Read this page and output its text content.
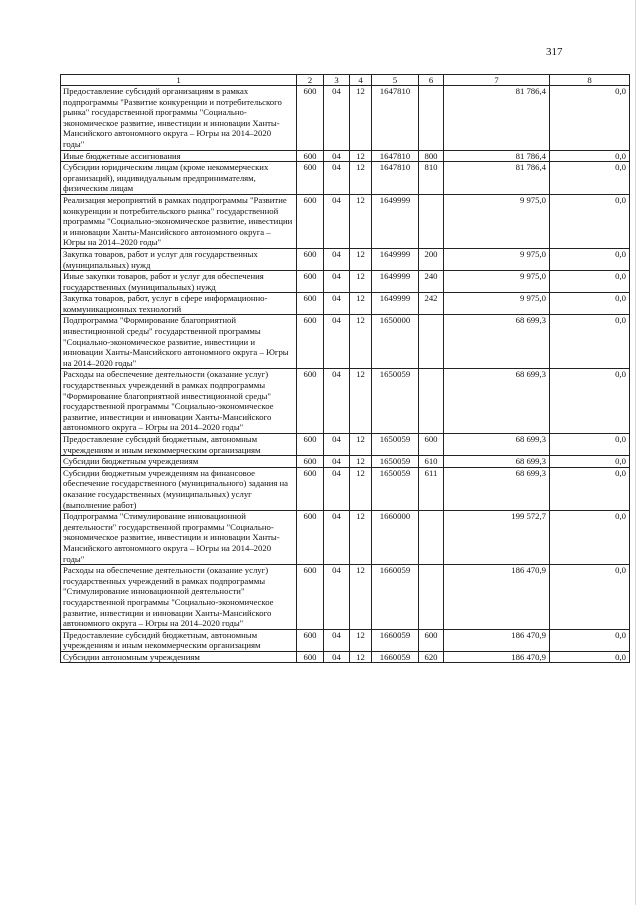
317
1	2	3	4	5	6	7	8
Предоставление субсидий организациям в рамках подпрограммы "Развитие конкуренции и потребительского рынка" государственной программы "Социально-экономическое развитие, инвестиции и инновации Ханты-Мансийского автономного округа – Югры на 2014–2020 годы"	600	04	12	1647810		81 786,4	0,0
Иные бюджетные ассигнования	600	04	12	1647810	800	81 786,4	0,0
Субсидии юридическим лицам (кроме некоммерческих организаций), индивидуальным предпринимателям, физическим лицам	600	04	12	1647810	810	81 786,4	0,0
Реализация мероприятий в рамках подпрограммы "Развитие конкуренции и потребительского рынка" государственной программы "Социально-экономическое развитие, инвестиции и инновации Ханты-Мансийского автономного округа – Югры на 2014–2020 годы"	600	04	12	1649999		9 975,0	0,0
Закупка товаров, работ и услуг для государственных (муниципальных) нужд	600	04	12	1649999	200	9 975,0	0,0
Иные закупки товаров, работ и услуг для обеспечения государственных (муниципальных) нужд	600	04	12	1649999	240	9 975,0	0,0
Закупка товаров, работ, услуг в сфере информационно-коммуникационных технологий	600	04	12	1649999	242	9 975,0	0,0
Подпрограмма "Формирование благоприятной инвестиционной среды" государственной программы "Социально-экономическое развитие, инвестиции и инновации Ханты-Мансийского автономного округа – Югры на 2014–2020 годы"	600	04	12	1650000		68 699,3	0,0
Расходы на обеспечение деятельности (оказание услуг) государственных учреждений в рамках подпрограммы "Формирование благоприятной инвестиционной среды" государственной программы "Социально-экономическое развитие, инвестиции и инновации Ханты-Мансийского автономного округа – Югры на 2014–2020 годы"	600	04	12	1650059		68 699,3	0,0
Предоставление субсидий бюджетным, автономным учреждениям и иным некоммерческим организациям	600	04	12	1650059	600	68 699,3	0,0
Субсидии бюджетным учреждениям	600	04	12	1650059	610	68 699,3	0,0
Субсидии бюджетным учреждениям на финансовое обеспечение государственного (муниципального) задания на оказание государственных (муниципальных) услуг (выполнение работ)	600	04	12	1650059	611	68 699,3	0,0
Подпрограмма "Стимулирование инновационной деятельности" государственной программы "Социально-экономическое развитие, инвестиции и инновации Ханты-Мансийского автономного округа – Югры на 2014–2020 годы"	600	04	12	1660000		199 572,7	0,0
Расходы на обеспечение деятельности (оказание услуг) государственных учреждений в рамках подпрограммы "Стимулирование инновационной деятельности" государственной программы "Социально-экономическое развитие, инвестиции и инновации Ханты-Мансийского автономного округа – Югры на 2014–2020 годы"	600	04	12	1660059		186 470,9	0,0
Предоставление субсидий бюджетным, автономным учреждениям и иным некоммерческим организациям	600	04	12	1660059	600	186 470,9	0,0
Субсидии автономным учреждениям	600	04	12	1660059	620	186 470,9	0,0
